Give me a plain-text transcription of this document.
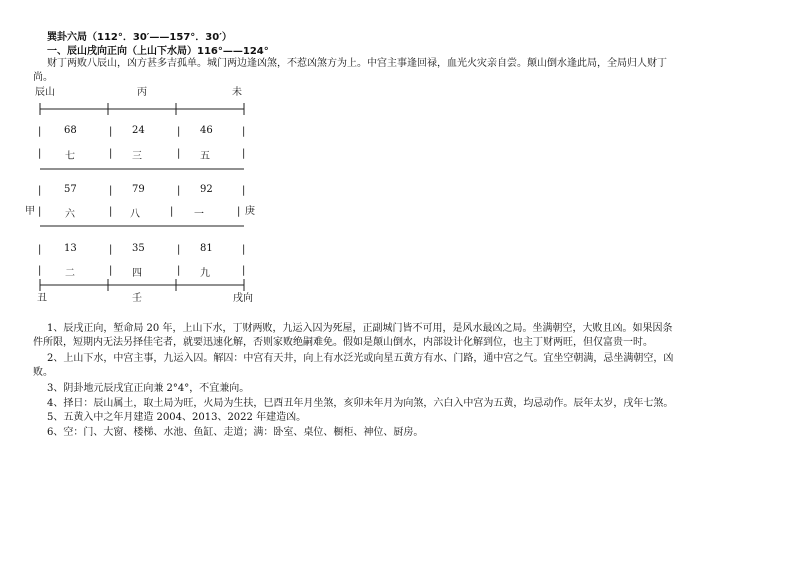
巽卦六局（112°．30′——157°．30′）
一、辰山戌向正向（上山下水局）116°——124°
财丁两败八辰山，凶方甚多吉孤单。城门两边逢凶煞，不惹凶煞方为上。中宫主事逢回禄，血光火灾亲自尝。颠山倒水逢此局，全局归人财丁
尚。
辰山	丙	未
甲	庚
丑	壬	戌向
|	|	|	|
|	|	|	|
|	|	|	|
|	|	|	|
|	|	|	|
|	|	|	|
68	24	46
七	三	五
57	79	92
六	八	一
13	35	81
二	四	九
1、辰戌正向，堑命局 20 年，上山下水，丁财两败，九运入囚为死屋，正副城门皆不可用，是风水最凶之局。坐满朝空，大败且凶。如果因条
件所限，短期内无法另择佳宅者，就要迅速化解，否则家败绝嗣难免。假如是颠山倒水，内部设计化解到位，也主丁财两旺，但仅富贵一时。
2、上山下水，中宫主事，九运入囚。解囚：中宫有天井，向上有水泛光或向星五黄方有水、门路，通中宫之气。宜坐空朝满，忌坐满朝空，凶
败。
3、阴卦地元辰戌宜正向兼 2°4°，不宜兼向。
4、择日：辰山属土，取土局为旺，火局为生扶，巳酉丑年月坐煞，亥卯未年月为向煞，六白入中宫为五黄，均忌动作。辰年太岁，戌年七煞。
5、五黄入中之年月建造 2004、2013、2022 年建造凶。
6、空：门、大窗、楼梯、水池、鱼缸、走道；满：卧室、桌位、橱柜、神位、厨房。
